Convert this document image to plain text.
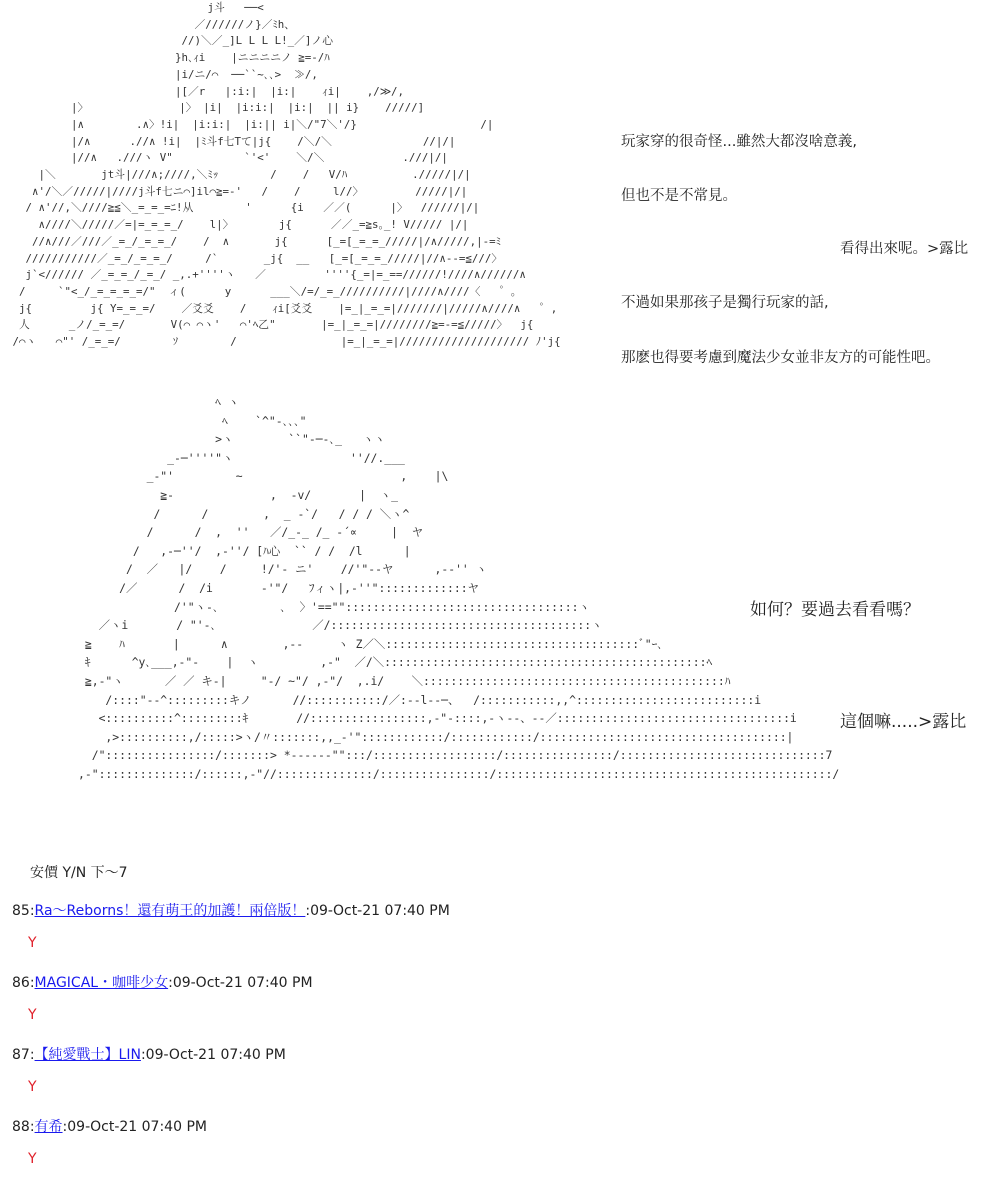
j斗   ──<
／//////ノ}／ﾐh、
//)＼／_]L L L L!_／]ノ心
}h､ｨi    |ニニニニノ ≧=-/ﾊ
|i/ニ/⌒  ──``~､､>  ≫/,
|[／r   |:i:|  |i:|    ｨi|    ,/≫/,
|〉              |〉 |i|  |i:i:|  |i:|  || i}    /////]
|∧        .∧〉!i|  |i:i:|  |i:|| i|＼/"7＼'/}                   /|
|/∧      .//∧ !i|  |ﾐ斗f七Tて|j{    /＼/＼              //|/|
|//∧   .///ヽ V"           `'<'    ＼/＼            .///|/|
|＼       jt斗|///∧;////,＼ﾐｯ        /    /   V/ﾊ          ./////|/|
∧'/＼／/////|////j斗f七ニ⌒]il⌒≧=-'   /    /     l//〉        /////|/|
/ ∧'//,＼////≧≦＼_=_=_=ﾆ!从        '      {i   ／／(      |〉  //////|/|
∧////＼/////／=|=_=_=_/    l|〉       j{      ／／_=≧s｡_! V///// |/|
//∧///／///／_=_/_=_=_/    /  ∧       j{      [_=[_=_=_/////|/∧/////,|-=ﾐ
///////////／_=_/_=_=_/     /`       _j{  __   [_=[_=_=_/////|//∧--=≦///〉
j`<////// ／_=_=_/_=_/ _,.+''''ヽ   ／         ''''{_=|=_==//////!////∧//////∧
/     `"<_/_=_=_=_=/"  ィ(      у      ___＼/=/_=_//////////|////∧////〈   ゜。
j{         j{ Y=_=_=/    ／爻爻    /    ｨi[爻爻    |=_|_=_=|///////|/////∧////∧   ゜,
人      _ノ/_=_=/       V(⌒ ⌒ヽ'   ⌒'ﾍ乙"       |=_|_=_=|////////≧=-=≦/////〉  j{
/⌒ヽ   ⌒"' /_=_=/        ｿ        /                |=_|_=_=|//////////////////// ﾉ'j{
ﾍ ヽ
ﾍ    `^"-､､､"
>ヽ        ``"-─-､_   ヽヽ
_-─''''"ヽ                 ''//.___
_-"'         ~                       ,    |\
≧-              ,  -v/       |  ヽ_
/      /        ,  _ -`/   / / / ＼ヽ^
/      /  ,  ''   ／/_-_ /_ -´∝     |  ヤ
/   ,-─''/  ,-''/ [ﾊ心  `` / /  /l      |
/  ／   |/    /     !/'- ニ'    //'"--ヤ      ,--'' ヽ
/／      /  /i       -'"/   ﾌィヽ|,-''":::::::::::::ヤ
/'"ヽ-､         ､  〉'==""::::::::::::::::::::::::::::::::::ヽ
／ヽi       / "'-､              ／/::::::::::::::::::::::::::::::::::::::ヽ
≧    ﾊ       |      ∧        ,--     ヽ Z／＼:::::::::::::::::::::::::::::::::::::ﾞ"ｰ､
ｷ      ^у､___,-"-    |  ヽ         ,-"  ／/＼:::::::::::::::::::::::::::::::::::::::::::::::ﾍ
≧,-"ヽ      ／ ／ キ-|     "-/ ~"/ ,-"/  ,.i/    ＼::::::::::::::::::::::::::::::::::::::::::::ﾊ
/::::"--^:::::::::キノ      //:::::::::::/／:--l--─、  /:::::::::::,,^::::::::::::::::::::::::::i
<::::::::::^:::::::::ｷ       //:::::::::::::::::,-"-::::,-ヽ--、--／::::::::::::::::::::::::::::::::::i
,>::::::::::,/:::::>ヽ/〃:::::::,,_-'"::::::::::::/::::::::::::/::::::::::::::::::::::::::::::::::::|
/"::::::::::::::::/:::::::> *------"":::/::::::::::::::::::/::::::::::::::::/::::::::::::::::::::::::::::::7
,-"::::::::::::::/::::::,-"//::::::::::::::/::::::::::::::::/:::::::::::::::::::::::::::::::::::::::::::::::::/
玩家穿的很奇怪...雖然大都沒啥意義,
但也不是不常見。
看得出來呢。>露比
不過如果那孩子是獨行玩家的話,
那麽也得要考慮到魔法少女並非友方的可能性吧。
如何？要過去看看嗎？
這個嘛.....>露比
安價 Y/N 下〜7
85:Ra〜Reborns！還有萌王的加護！兩倍版！:09-Oct-21 07:40 PM
Y
86:MAGICAL・咖啡少女:09-Oct-21 07:40 PM
Y
87:【純愛戰士】LIN:09-Oct-21 07:40 PM
Y
88:有希:09-Oct-21 07:40 PM
Y
